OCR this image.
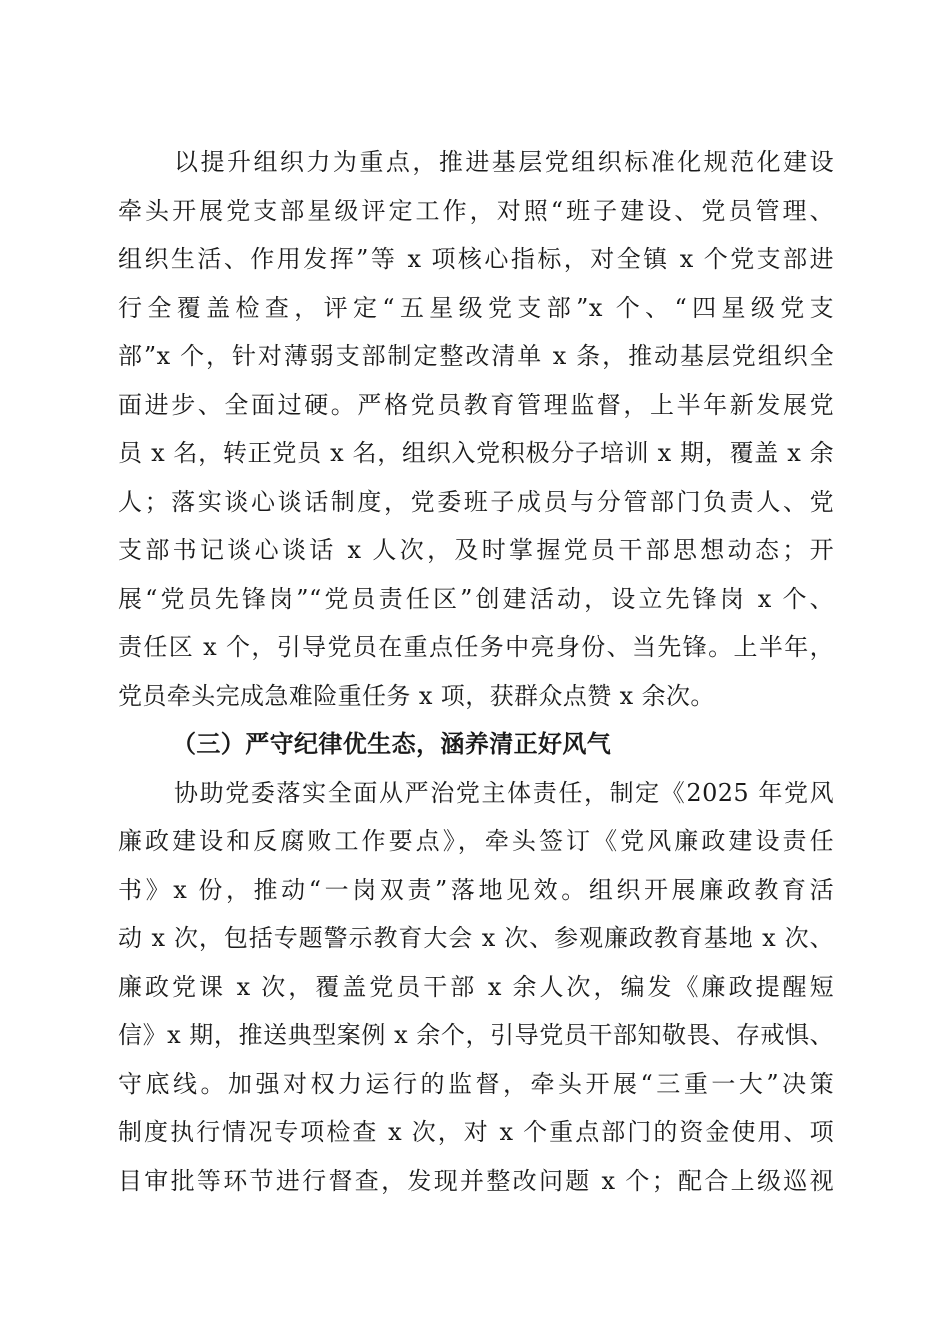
以提升组织力为重点，推进基层党组织标准化规范化建设
牵头开展党支部星级评定工作，对照“班子建设、党员管理、
组织生活、作用发挥”等 x 项核心指标，对全镇 x 个党支部进
行全覆盖检查，评定“五星级党支部”x 个、“四星级党支
部”x 个，针对薄弱支部制定整改清单 x 条，推动基层党组织全
面进步、全面过硬。严格党员教育管理监督，上半年新发展党
员 x 名，转正党员 x 名，组织入党积极分子培训 x 期，覆盖 x 余
人；落实谈心谈话制度，党委班子成员与分管部门负责人、党
支部书记谈心谈话 x 人次，及时掌握党员干部思想动态；开
展“党员先锋岗”“党员责任区”创建活动，设立先锋岗 x 个、
责任区 x 个，引导党员在重点任务中亮身份、当先锋。上半年，
党员牵头完成急难险重任务 x 项，获群众点赞 x 余次。
（三）严守纪律优生态，涵养清正好风气
协助党委落实全面从严治党主体责任，制定《2025 年党风
廉政建设和反腐败工作要点》，牵头签订《党风廉政建设责任
书》x 份，推动“一岗双责”落地见效。组织开展廉政教育活
动 x 次，包括专题警示教育大会 x 次、参观廉政教育基地 x 次、
廉政党课 x 次，覆盖党员干部 x 余人次，编发《廉政提醒短
信》x 期，推送典型案例 x 余个，引导党员干部知敬畏、存戒惧、
守底线。加强对权力运行的监督，牵头开展“三重一大”决策
制度执行情况专项检查 x 次，对 x 个重点部门的资金使用、项
目审批等环节进行督查，发现并整改问题 x 个；配合上级巡视
